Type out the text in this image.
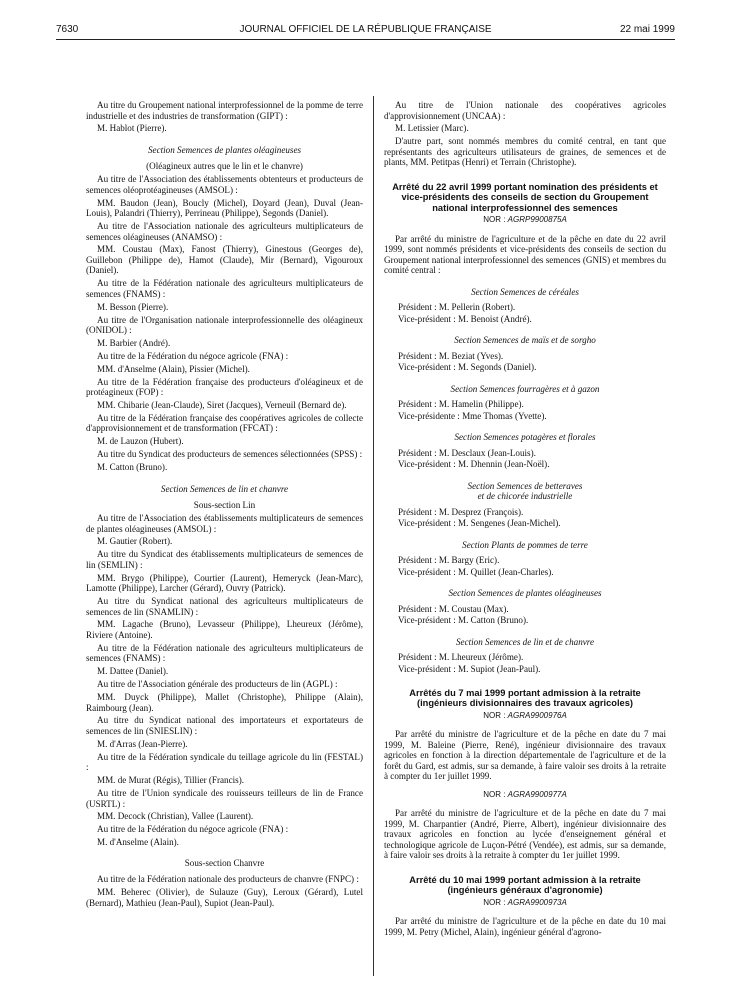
7630	JOURNAL OFFICIEL DE LA RÉPUBLIQUE FRANÇAISE	22 mai 1999

Au titre du Groupement national interprofessionnel de la pomme de terre industrielle et des industries de transformation (GIPT) :

M. Hablot (Pierre).

Section Semences de plantes oléagineuses

(Oléagineux autres que le lin et le chanvre)

Au titre de l'Association des établissements obtenteurs et producteurs de semences oléoprotéagineuses (AMSOL) :

MM. Baudon (Jean), Boucly (Michel), Doyard (Jean), Duval (Jean-Louis), Palandri (Thierry), Perrineau (Philippe), Segonds (Daniel).

Au titre de l'Association nationale des agriculteurs multiplicateurs de semences oléagineuses (ANAMSO) :

MM. Coustau (Max), Fanost (Thierry), Ginestous (Georges de), Guillebon (Philippe de), Hamot (Claude), Mir (Bernard), Vigouroux (Daniel).

Au titre de la Fédération nationale des agriculteurs multiplicateurs de semences (FNAMS) :

M. Besson (Pierre).

Au titre de l'Organisation nationale interprofessionnelle des oléagineux (ONIDOL) :

M. Barbier (André).

Au titre de la Fédération du négoce agricole (FNA) :

MM. d'Anselme (Alain), Pissier (Michel).

Au titre de la Fédération française des producteurs d'oléagineux et de protéagineux (FOP) :

MM. Chibarie (Jean-Claude), Siret (Jacques), Verneuil (Bernard de).

Au titre de la Fédération française des coopératives agricoles de collecte d'approvisionnement et de transformation (FFCAT) :

M. de Lauzon (Hubert).

Au titre du Syndicat des producteurs de semences sélectionnées (SPSS) :

M. Catton (Bruno).

Section Semences de lin et chanvre

Sous-section Lin

Au titre de l'Association des établissements multiplicateurs de semences de plantes oléagineuses (AMSOL) :

M. Gautier (Robert).

Au titre du Syndicat des établissements multiplicateurs de semences de lin (SEMLIN) :

MM. Brygo (Philippe), Courtier (Laurent), Hemeryck (Jean-Marc), Lamotte (Philippe), Larcher (Gérard), Ouvry (Patrick).

Au titre du Syndicat national des agriculteurs multiplicateurs de semences de lin (SNAMLIN) :

MM. Lagache (Bruno), Levasseur (Philippe), Lheureux (Jérôme), Riviere (Antoine).

Au titre de la Fédération nationale des agriculteurs multiplicateurs de semences (FNAMS) :

M. Dattee (Daniel).

Au titre de l'Association générale des producteurs de lin (AGPL) :

MM. Duyck (Philippe), Mallet (Christophe), Philippe (Alain), Raimbourg (Jean).

Au titre du Syndicat national des importateurs et exportateurs de semences de lin (SNIESLIN) :

M. d'Arras (Jean-Pierre).

Au titre de la Fédération syndicale du teillage agricole du lin (FESTAL) :

MM. de Murat (Régis), Tillier (Francis).

Au titre de l'Union syndicale des rouisseurs teilleurs de lin de France (USRTL) :

MM. Decock (Christian), Vallee (Laurent).

Au titre de la Fédération du négoce agricole (FNA) :

M. d'Anselme (Alain).

Sous-section Chanvre

Au titre de la Fédération nationale des producteurs de chanvre (FNPC) :

MM. Beherec (Olivier), de Sulauze (Guy), Leroux (Gérard), Lutel (Bernard), Mathieu (Jean-Paul), Supiot (Jean-Paul).

Au titre de l'Union nationale des coopératives agricoles d'approvisionnement (UNCAA) :

M. Letissier (Marc).

D'autre part, sont nommés membres du comité central, en tant que représentants des agriculteurs utilisateurs de graines, de semences et de plants, MM. Petitpas (Henri) et Terrain (Christophe).

Arrêté du 22 avril 1999 portant nomination des présidents et vice-présidents des conseils de section du Groupement national interprofessionnel des semences

NOR : AGRP9900875A

Par arrêté du ministre de l'agriculture et de la pêche en date du 22 avril 1999, sont nommés présidents et vice-présidents des conseils de section du Groupement national interprofessionnel des semences (GNIS) et membres du comité central :

Section Semences de céréales

Président : M. Pellerin (Robert).

Vice-président : M. Benoist (André).

Section Semences de maïs et de sorgho

Président : M. Beziat (Yves).

Vice-président : M. Segonds (Daniel).

Section Semences fourragères et à gazon

Président : M. Hamelin (Philippe).

Vice-présidente : Mme Thomas (Yvette).

Section Semences potagères et florales

Président : M. Desclaux (Jean-Louis).

Vice-président : M. Dhennin (Jean-Noël).

Section Semences de betteraves

et de chicorée industrielle

Président : M. Desprez (François).

Vice-président : M. Sengenes (Jean-Michel).

Section Plants de pommes de terre

Président : M. Bargy (Eric).

Vice-président : M. Quillet (Jean-Charles).

Section Semences de plantes oléagineuses

Président : M. Coustau (Max).

Vice-président : M. Catton (Bruno).

Section Semences de lin et de chanvre

Président : M. Lheureux (Jérôme).

Vice-président : M. Supiot (Jean-Paul).

Arrêtés du 7 mai 1999 portant admission à la retraite (ingénieurs divisionnaires des travaux agricoles)

NOR : AGRA9900976A

Par arrêté du ministre de l'agriculture et de la pêche en date du 7 mai 1999, M. Baleine (Pierre, René), ingénieur divisionnaire des travaux agricoles en fonction à la direction départementale de l'agriculture et de la forêt du Gard, est admis, sur sa demande, à faire valoir ses droits à la retraite à compter du 1er juillet 1999.

NOR : AGRA9900977A

Par arrêté du ministre de l'agriculture et de la pêche en date du 7 mai 1999, M. Charpantier (André, Pierre, Albert), ingénieur divisionnaire des travaux agricoles en fonction au lycée d'enseignement général et technologique agricole de Luçon-Pétré (Vendée), est admis, sur sa demande, à faire valoir ses droits à la retraite à compter du 1er juillet 1999.

Arrêté du 10 mai 1999 portant admission à la retraite (ingénieurs généraux d'agronomie)

NOR : AGRA9900973A

Par arrêté du ministre de l'agriculture et de la pêche en date du 10 mai 1999, M. Petry (Michel, Alain), ingénieur général d'agrono-
